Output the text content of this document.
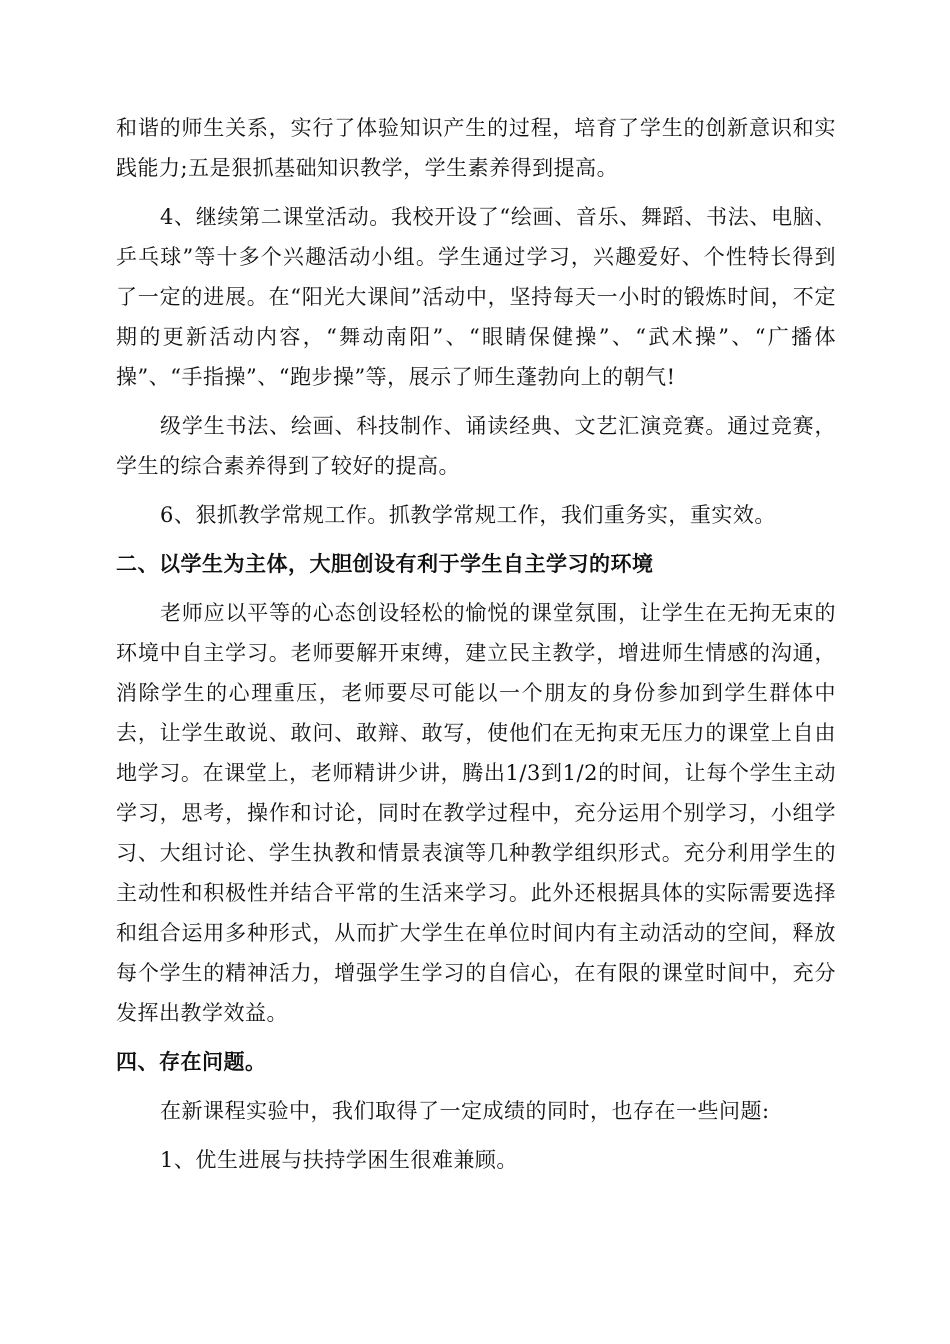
和谐的师生关系，实行了体验知识产生的过程，培育了学生的创新意识和实践能力;五是狠抓基础知识教学，学生素养得到提高。

4、继续第二课堂活动。我校开设了“绘画、音乐、舞蹈、书法、电脑、乒乓球”等十多个兴趣活动小组。学生通过学习，兴趣爱好、个性特长得到了一定的进展。在“阳光大课间”活动中，坚持每天一小时的锻炼时间，不定期的更新活动内容，“舞动南阳”、“眼睛保健操”、“武术操”、“广播体操”、“手指操”、“跑步操”等，展示了师生蓬勃向上的朝气!

级学生书法、绘画、科技制作、诵读经典、文艺汇演竞赛。通过竞赛，学生的综合素养得到了较好的提高。

6、狠抓教学常规工作。抓教学常规工作，我们重务实，重实效。

二、以学生为主体，大胆创设有利于学生自主学习的环境

老师应以平等的心态创设轻松的愉悦的课堂氛围，让学生在无拘无束的环境中自主学习。老师要解开束缚，建立民主教学，增进师生情感的沟通，消除学生的心理重压，老师要尽可能以一个朋友的身份参加到学生群体中去，让学生敢说、敢问、敢辩、敢写，使他们在无拘束无压力的课堂上自由地学习。在课堂上，老师精讲少讲，腾出1/3到1/2的时间，让每个学生主动学习，思考，操作和讨论，同时在教学过程中，充分运用个别学习，小组学习、大组讨论、学生执教和情景表演等几种教学组织形式。充分利用学生的主动性和积极性并结合平常的生活来学习。此外还根据具体的实际需要选择和组合运用多种形式，从而扩大学生在单位时间内有主动活动的空间，释放每个学生的精神活力，增强学生学习的自信心，在有限的课堂时间中，充分发挥出教学效益。

四、存在问题。

在新课程实验中，我们取得了一定成绩的同时，也存在一些问题:

1、优生进展与扶持学困生很难兼顾。
